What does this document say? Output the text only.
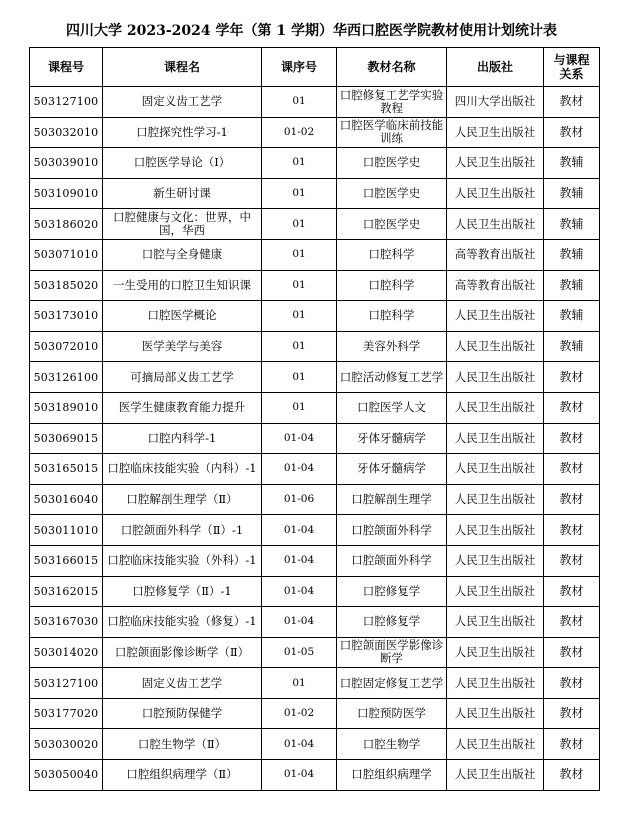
四川大学 2023-2024 学年（第 1 学期）华西口腔医学院教材使用计划统计表
课程号	课程名	课序号	教材名称	出版社	与课程
关系
503127100	固定义齿工艺学	01	口腔修复工艺学实验教程	四川大学出版社	教材
503032010	口腔探究性学习-1	01-02	口腔医学临床前技能训练	人民卫生出版社	教材
503039010	口腔医学导论（Ⅰ）	01	口腔医学史	人民卫生出版社	教辅
503109010	新生研讨课	01	口腔医学史	人民卫生出版社	教辅
503186020	口腔健康与文化：世界，中国，华西	01	口腔医学史	人民卫生出版社	教辅
503071010	口腔与全身健康	01	口腔科学	高等教育出版社	教辅
503185020	一生受用的口腔卫生知识课	01	口腔科学	高等教育出版社	教辅
503173010	口腔医学概论	01	口腔科学	人民卫生出版社	教辅
503072010	医学美学与美容	01	美容外科学	人民卫生出版社	教辅
503126100	可摘局部义齿工艺学	01	口腔活动修复工艺学	人民卫生出版社	教材
503189010	医学生健康教育能力提升	01	口腔医学人文	人民卫生出版社	教材
503069015	口腔内科学-1	01-04	牙体牙髓病学	人民卫生出版社	教材
503165015	口腔临床技能实验（内科）-1	01-04	牙体牙髓病学	人民卫生出版社	教材
503016040	口腔解剖生理学（Ⅱ）	01-06	口腔解剖生理学	人民卫生出版社	教材
503011010	口腔颌面外科学（Ⅱ）-1	01-04	口腔颌面外科学	人民卫生出版社	教材
503166015	口腔临床技能实验（外科）-1	01-04	口腔颌面外科学	人民卫生出版社	教材
503162015	口腔修复学（Ⅱ）-1	01-04	口腔修复学	人民卫生出版社	教材
503167030	口腔临床技能实验（修复）-1	01-04	口腔修复学	人民卫生出版社	教材
503014020	口腔颌面影像诊断学（Ⅱ）	01-05	口腔颌面医学影像诊断学	人民卫生出版社	教材
503127100	固定义齿工艺学	01	口腔固定修复工艺学	人民卫生出版社	教材
503177020	口腔预防保健学	01-02	口腔预防医学	人民卫生出版社	教材
503030020	口腔生物学（Ⅱ）	01-04	口腔生物学	人民卫生出版社	教材
503050040	口腔组织病理学（Ⅱ）	01-04	口腔组织病理学	人民卫生出版社	教材
